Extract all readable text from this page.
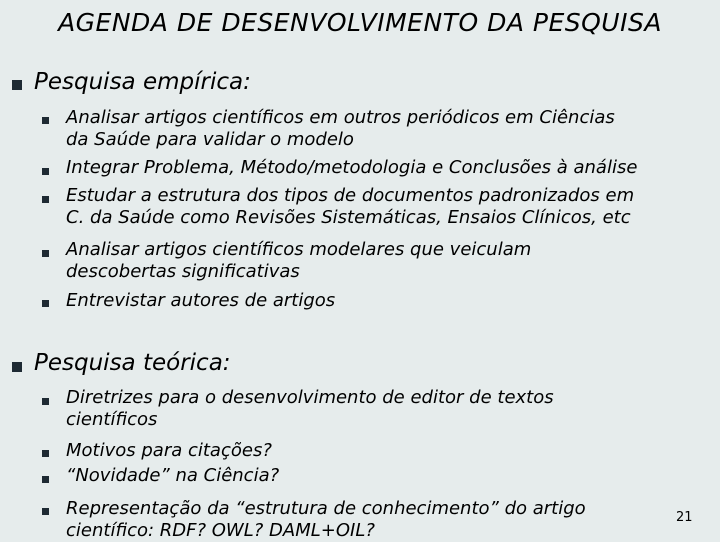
AGENDA DE DESENVOLVIMENTO DA PESQUISA
Pesquisa empírica:
Analisar artigos científicos em outros periódicos em Ciências
da Saúde para validar o modelo
Integrar Problema, Método/metodologia e Conclusões à análise
Estudar a estrutura dos tipos de documentos padronizados em
C. da Saúde como Revisões Sistemáticas, Ensaios Clínicos, etc
Analisar artigos científicos modelares que veiculam
descobertas significativas
Entrevistar autores de artigos
Pesquisa teórica:
Diretrizes para o desenvolvimento de editor de textos
científicos
Motivos para citações?
“Novidade” na Ciência?
Representação da “estrutura de conhecimento” do artigo
científico: RDF? OWL? DAML+OIL?
21
